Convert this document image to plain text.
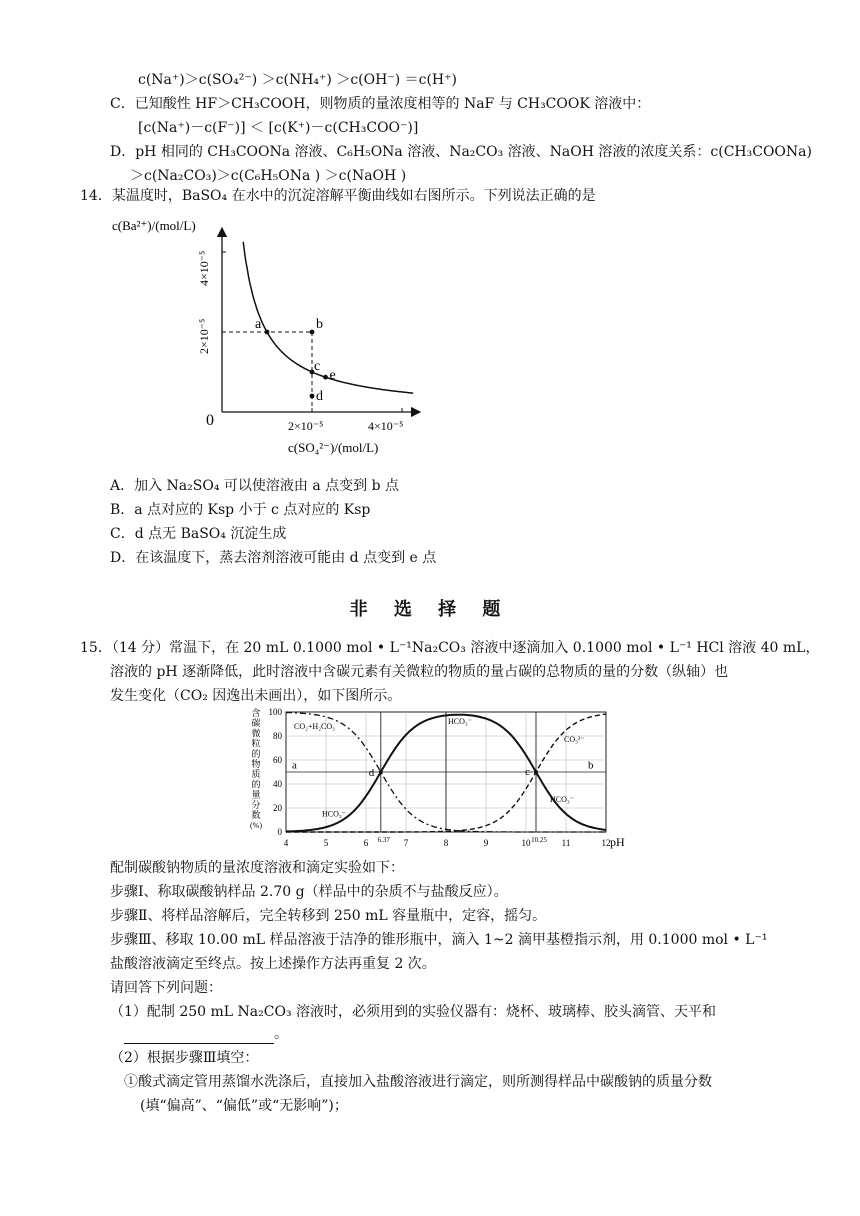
c(Na⁺)＞c(SO₄²⁻) ＞c(NH₄⁺) ＞c(OH⁻) ＝c(H⁺)
C．已知酸性 HF＞CH₃COOH，则物质的量浓度相等的 NaF 与 CH₃COOK 溶液中：
[c(Na⁺)－c(F⁻)] ＜ [c(K⁺)－c(CH₃COO⁻)]
D．pH 相同的 CH₃COONa 溶液、C₆H₅ONa 溶液、Na₂CO₃ 溶液、NaOH 溶液的浓度关系：c(CH₃COONa)
＞c(Na₂CO₃)＞c(C₆H₅ONa ) ＞c(NaOH )
14．某温度时，BaSO₄ 在水中的沉淀溶解平衡曲线如右图所示。下列说法正确的是
c(Ba²⁺)/(mol/L)
c(SO₄²⁻)/(mol/L)
0
4×10⁻⁵
2×10⁻⁵
2×10⁻⁵	4×10⁻⁵
a	b
c
d
e
A．加入 Na₂SO₄ 可以使溶液由 a 点变到 b 点
B．a 点对应的 Ksp 小于 c 点对应的 Ksp
C．d 点无 BaSO₄ 沉淀生成
D．在该温度下，蒸去溶剂溶液可能由 d 点变到 e 点
非 选 择 题
15．（14 分）常温下，在 20 mL 0.1000 mol • L⁻¹Na₂CO₃ 溶液中逐滴加入 0.1000 mol • L⁻¹ HCl 溶液 40 mL，
溶液的 pH 逐渐降低，此时溶液中含碳元素有关微粒的物质的量占碳的总物质的量的分数（纵轴）也
发生变化（CO₂ 因逸出未画出），如下图所示。
含
碳
微
粒
的
物
质
的
量
分
数
(%)
0
20
40
60
80
100
4	5	6 6.37 7	8	9	10 10.25 11	12 pH
CO₂+H₂CO₃
HCO₃⁻
CO₃²⁻
HCO₃⁻
HCO₃⁻
a
d	c
b
配制碳酸钠物质的量浓度溶液和滴定实验如下：
步骤Ⅰ、称取碳酸钠样品 2.70 g（样品中的杂质不与盐酸反应）。
步骤Ⅱ、将样品溶解后，完全转移到 250 mL 容量瓶中，定容，摇匀。
步骤Ⅲ、移取 10.00 mL 样品溶液于洁净的锥形瓶中，滴入 1~2 滴甲基橙指示剂，用 0.1000 mol • L⁻¹
盐酸溶液滴定至终点。按上述操作方法再重复 2 次。
请回答下列问题：
（1）配制 250 mL Na₂CO₃ 溶液时，必须用到的实验仪器有：烧杯、玻璃棒、胶头滴管、天平和
。
（2）根据步骤Ⅲ填空：
①酸式滴定管用蒸馏水洗涤后，直接加入盐酸溶液进行滴定，则所测得样品中碳酸钠的质量分数
(填“偏高”、“偏低”或“无影响”)；
